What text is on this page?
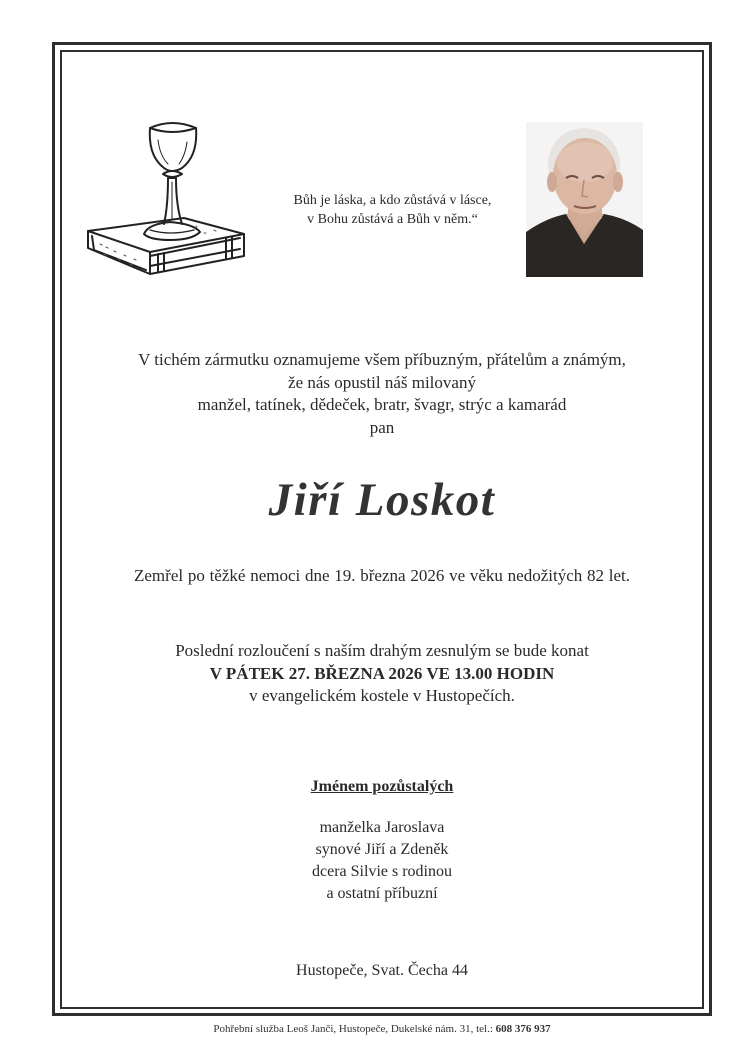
Bůh je láska, a kdo zůstává v lásce,
v Bohu zůstává a Bůh v něm.“
V tichém zármutku oznamujeme všem příbuzným, přátelům a známým,
že nás opustil náš milovaný
manžel, tatínek, dědeček, bratr, švagr, strýc a kamarád
pan
Jiří Loskot
Zemřel po těžké nemoci dne 19. března 2026 ve věku nedožitých 82 let.
Poslední rozloučení s naším drahým zesnulým se bude konat
V PÁTEK 27. BŘEZNA 2026 VE 13.00 HODIN
v evangelickém kostele v Hustopečích.
Jménem pozůstalých
manželka Jaroslava
synové Jiří a Zdeněk
dcera Silvie s rodinou
a ostatní příbuzní
Hustopeče, Svat. Čecha 44
Pohřební služba Leoš Janči, Hustopeče, Dukelské nám. 31, tel.: 608 376 937
